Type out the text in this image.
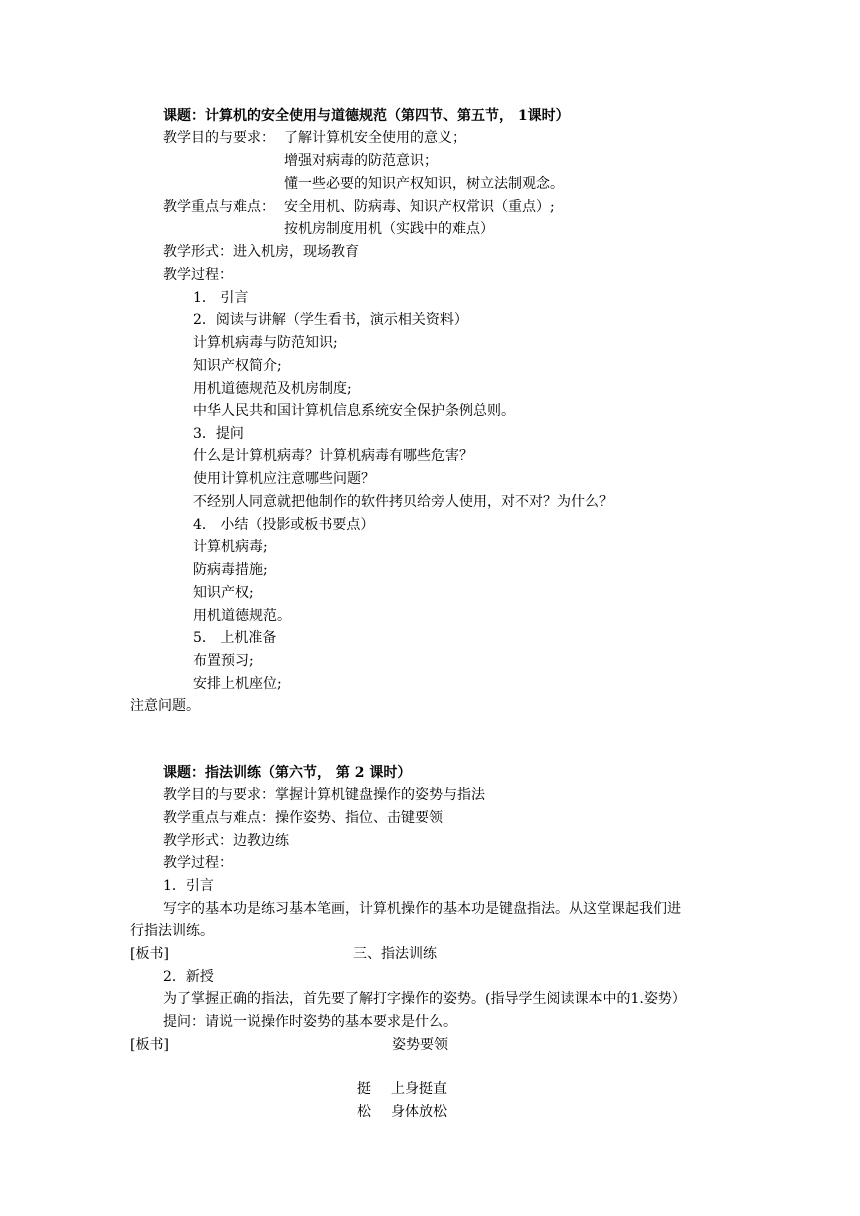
课题：计算机的安全使用与道德规范（第四节、第五节， 1课时）
教学目的与要求： 了解计算机安全使用的意义；
增强对病毒的防范意识；
懂一些必要的知识产权知识，树立法制观念。
教学重点与难点： 安全用机、防病毒、知识产权常识（重点）;
按机房制度用机（实践中的难点）
教学形式：进入机房，现场教育
教学过程：
1． 引言
2．阅读与讲解（学生看书，演示相关资料）
计算机病毒与防范知识;
知识产权简介;
用机道德规范及机房制度;
中华人民共和国计算机信息系统安全保护条例总则。
3．提问
什么是计算机病毒？计算机病毒有哪些危害？
使用计算机应注意哪些问题？
不经别人同意就把他制作的软件拷贝给旁人使用，对不对？为什么？
4． 小结（投影或板书要点）
计算机病毒;
防病毒措施;
知识产权;
用机道德规范。
5． 上机准备
布置预习;
安排上机座位;
注意问题。
课题：指法训练（第六节， 第 2 课时）
教学目的与要求：掌握计算机键盘操作的姿势与指法
教学重点与难点：操作姿势、指位、击键要领
教学形式：边教边练
教学过程：
1．引言
写字的基本功是练习基本笔画，计算机操作的基本功是键盘指法。从这堂课起我们进
行指法训练。
[板书]	三、指法训练
2．新授
为了掌握正确的指法，首先要了解打字操作的姿势。(指导学生阅读课本中的1.姿势）
提问：请说一说操作时姿势的基本要求是什么。
[板书]	姿势要领
挺 上身挺直
松 身体放松
